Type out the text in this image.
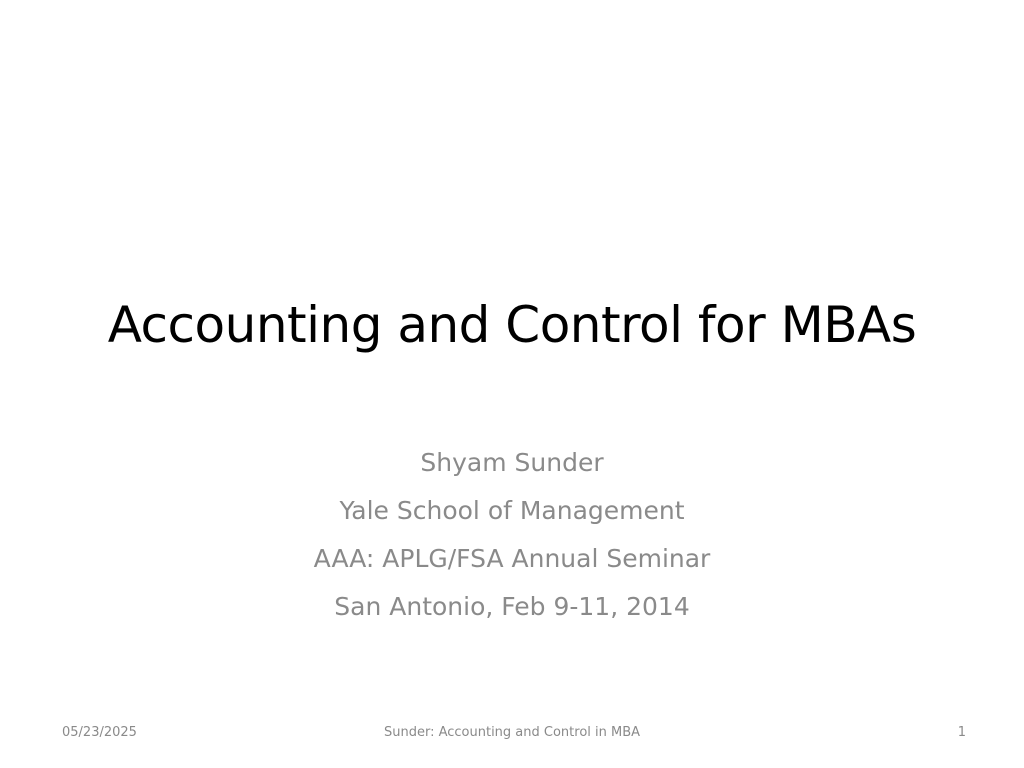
Accounting and Control for MBAs
Shyam Sunder
Yale School of Management
AAA: APLG/FSA Annual Seminar
San Antonio, Feb 9-11, 2014
05/23/2025	Sunder: Accounting and Control in MBA	1
